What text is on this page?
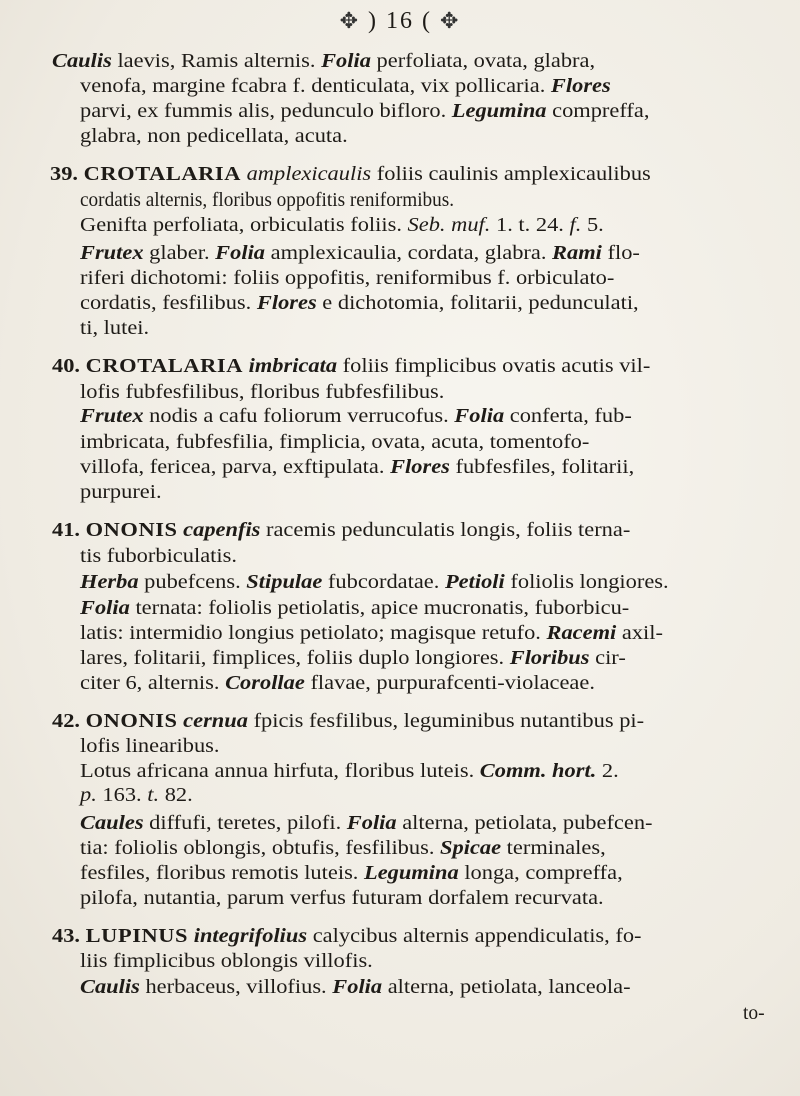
✥ ) 16 ( ✥
Caulis laevis, Ramis alternis. Folia perfoliata, ovata, glabra,
venofa, margine fcabra f. denticulata, vix pollicaria. Flores
parvi, ex fummis alis, pedunculo bifloro. Legumina compreffa,
glabra, non pedicellata, acuta.
39. CROTALARIA amplexicaulis foliis caulinis amplexicaulibus
cordatis alternis, floribus oppofitis reniformibus.
Genifta perfoliata, orbiculatis foliis. Seb. muf. 1. t. 24. f. 5.
Frutex glaber. Folia amplexicaulia, cordata, glabra. Rami flo-
riferi dichotomi: foliis oppofitis, reniformibus f. orbiculato-
cordatis, fesfilibus. Flores e dichotomia, folitarii, pedunculati,
ti, lutei.
40. CROTALARIA imbricata foliis fimplicibus ovatis acutis vil-
lofis fubfesfilibus, floribus fubfesfilibus.
Frutex nodis a cafu foliorum verrucofus. Folia conferta, fub-
imbricata, fubfesfilia, fimplicia, ovata, acuta, tomentofo-
villofa, fericea, parva, exftipulata. Flores fubfesfiles, folitarii,
purpurei.
41. ONONIS capenfis racemis pedunculatis longis, foliis terna-
tis fuborbiculatis.
Herba pubefcens. Stipulae fubcordatae. Petioli foliolis longiores.
Folia ternata: foliolis petiolatis, apice mucronatis, fuborbicu-
latis: intermidio longius petiolato; magisque retufo. Racemi axil-
lares, folitarii, fimplices, foliis duplo longiores. Floribus cir-
citer 6, alternis. Corollae flavae, purpurafcenti-violaceae.
42. ONONIS cernua fpicis fesfilibus, leguminibus nutantibus pi-
lofis linearibus.
Lotus africana annua hirfuta, floribus luteis. Comm. hort. 2.
p. 163. t. 82.
Caules diffufi, teretes, pilofi. Folia alterna, petiolata, pubefcen-
tia: foliolis oblongis, obtufis, fesfilibus. Spicae terminales,
fesfiles, floribus remotis luteis. Legumina longa, compreffa,
pilofa, nutantia, parum verfus futuram dorfalem recurvata.
43. LUPINUS integrifolius calycibus alternis appendiculatis, fo-
liis fimplicibus oblongis villofis.
Caulis herbaceus, villofius. Folia alterna, petiolata, lanceola-
to-
